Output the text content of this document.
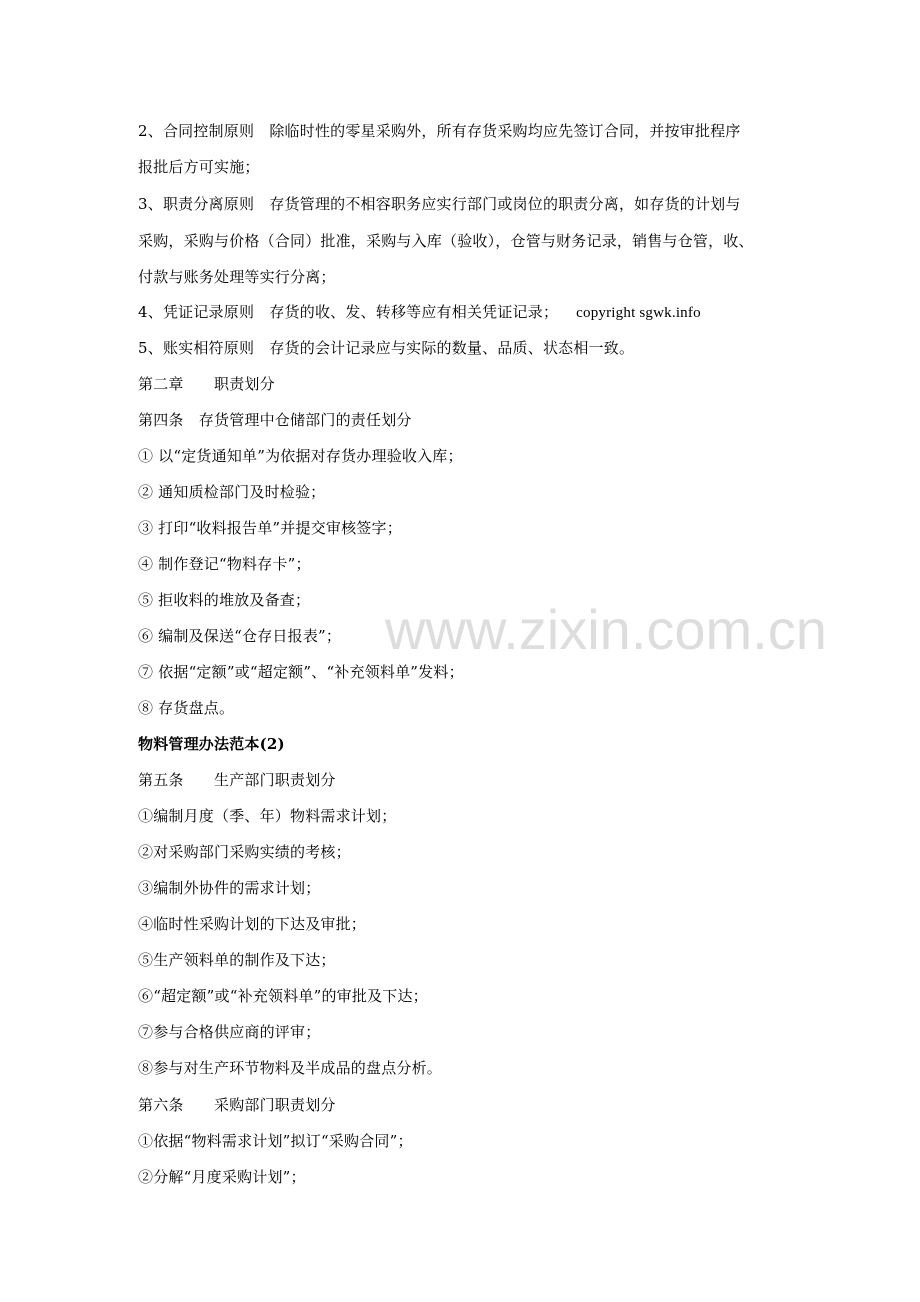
2、合同控制原则　除临时性的零星采购外，所有存货采购均应先签订合同，并按审批程序
报批后方可实施；
3、职责分离原则　存货管理的不相容职务应实行部门或岗位的职责分离，如存货的计划与
采购，采购与价格（合同）批准，采购与入库（验收），仓管与财务记录，销售与仓管，收、
付款与账务处理等实行分离；
4、凭证记录原则　存货的收、发、转移等应有相关凭证记录； copyright sgwk.info
5、账实相符原则　存货的会计记录应与实际的数量、品质、状态相一致。
第二章　　职责划分
第四条　存货管理中仓储部门的责任划分
① 以“定货通知单”为依据对存货办理验收入库；
② 通知质检部门及时检验；
③ 打印“收料报告单”并提交审核签字；
④ 制作登记“物料存卡”；
⑤ 拒收料的堆放及备查；
⑥ 编制及保送“仓存日报表”；
⑦ 依据“定额”或“超定额”、“补充领料单”发料；
⑧ 存货盘点。
物料管理办法范本(2)
第五条　　生产部门职责划分
①编制月度（季、年）物料需求计划；
②对采购部门采购实绩的考核；
③编制外协件的需求计划；
④临时性采购计划的下达及审批；
⑤生产领料单的制作及下达；
⑥“超定额”或“补充领料单”的审批及下达；
⑦参与合格供应商的评审；
⑧参与对生产环节物料及半成品的盘点分析。
第六条　　采购部门职责划分
①依据“物料需求计划”拟订“采购合同”；
②分解“月度采购计划”；
www.zixin.com.cn
